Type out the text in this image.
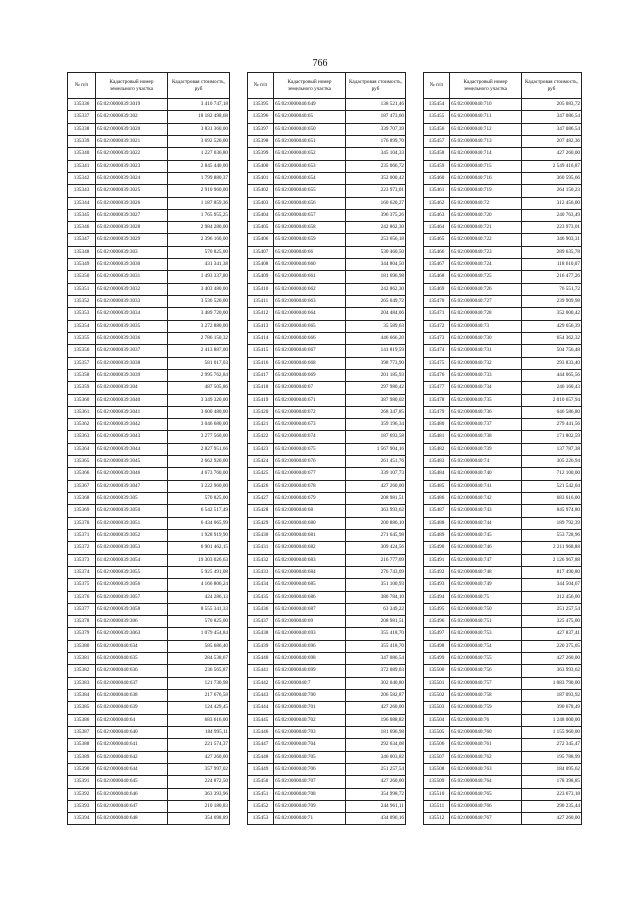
766
№ п/п	Кадастровый номер земельного участка	Кадастровая стоимость, руб
135336	65:02:0000039:3019	3 410 747,18
135337	65:02:0000039:302	18 182 498,68
135338	65:02:0000039:3020	3 831 360,00
135339	65:02:0000039:3021	3 692 520,00
135340	65:02:0000039:3022	1 227 036,80
135341	65:02:0000039:3023	2 845 440,00
135342	65:02:0000039:3024	1 799 880,37
135343	65:02:0000039:3025	2 910 960,00
135344	65:02:0000039:3026	1 187 859,36
135345	65:02:0000039:3027	1 765 955,25
135346	65:02:0000039:3028	2 984 280,00
135347	65:02:0000039:3029	2 396 160,00
135348	65:02:0000039:303	570 825,00
135349	65:02:0000039:3030	431 341,38
135350	65:02:0000039:3031	1 493 337,80
135351	65:02:0000039:3032	3 403 480,00
135352	65:02:0000039:3033	3 536 520,00
135353	65:02:0000039:3034	3 489 720,00
135354	65:02:0000039:3035	3 272 880,00
135355	65:02:0000039:3036	2 786 150,32
135356	65:02:0000039:3037	2 413 887,00
135357	65:02:0000039:3038	581 017,03
135358	65:02:0000039:3039	2 995 762,84
135359	65:02:0000039:304	487 505,86
135360	65:02:0000039:3040	3 349 320,00
135361	65:02:0000039:3041	3 600 480,00
135362	65:02:0000039:3042	3 046 680,00
135363	65:02:0000039:3043	3 277 560,00
135364	65:02:0000039:3044	2 827 951,66
135365	65:02:0000039:3045	2 662 920,00
135366	65:02:0000039:3046	4 673 760,00
135367	65:02:0000039:3047	3 222 960,00
135368	65:02:0000039:305	570 825,00
135369	65:02:0000039:3050	6 542 517,49
135370	65:02:0000039:3051	6 434 065,99
135371	65:02:0000039:3052	1 928 919,90
135372	65:02:0000039:3053	6 901 462,15
135373	61:02:0000039:3054	19 303 026,63
135374	65:02:0000039:3055	5 925 491,08
135375	65:02:0000039:3056	4 166 806,24
135376	65:02:0000039:3057	424 286,13
135377	65:02:0000039:3058	8 555 341,33
135378	65:02:0000039:306	570 825,00
135379	65:02:0000039:3063	1 079 454,84
135380	65:02:0000040:634	585 686,40
135381	65:02:0000040:635	284 538,67
135382	65:02:0000040:636	236 565,87
135383	65:02:0000040:637	121 730,98
135384	65:02:0000040:638	217 676,58
135385	65:02:0000040:639	124 429,45
135386	65:02:0000040:64	683 616,00
135387	65:02:0000040:640	184 995,11
135388	65:02:0000040:641	221 574,37
135389	65:02:0000040:642	427 260,00
135390	65:02:0000040:644	357 997,02
135391	65:02:0000040:645	224 872,50
135392	65:02:0000040:646	363 393,96
135393	65:02:0000040:647	210 180,83
135394	65:02:0000040:648	354 698,89
№ п/п	Кадастровый номер земельного участка	Кадастровая стоимость, руб
135395	65:02:0000040:649	138 521,46
135396	65:02:0000040:65	187 473,60
135397	65:02:0000040:650	339 707,39
135398	65:02:0000040:651	176 899,70
135399	65:02:0000040:652	345 104,33
135400	65:02:0000040:653	235 066,72
135401	65:02:0000040:654	352 000,42
135402	65:02:0000040:655	223 973,01
135403	65:02:0000040:656	160 620,27
135404	65:02:0000040:657	396 375,26
135405	65:02:0000040:658	242 862,30
135406	65:02:0000040:659	253 656,18
135407	65:02:0000040:66	530 460,50
135408	65:02:0000040:660	344 804,50
135409	65:02:0000040:661	181 696,98
135410	65:02:0000040:662	242 862,30
135411	65:02:0000040:663	265 049,72
135412	65:02:0000040:664	204 484,06
135413	65:02:0000040:665	35 589,63
135414	65:02:0000040:666	446 666,20
135415	65:02:0000040:667	141 819,59
135416	65:02:0000040:668	398 773,90
135417	65:02:0000040:669	201 185,93
135418	65:02:0000040:67	297 980,42
135419	65:02:0000040:671	387 980,02
135420	65:02:0000040:672	268 347,85
135421	65:02:0000040:673	359 196,34
135422	65:02:0000040:674	187 693,58
135423	65:02:0000040:675	1 567 904,16
135424	65:02:0000040:676	261 451,76
135425	65:02:0000040:677	339 107,73
135426	65:02:0000040:678	427 260,00
135427	65:02:0000040:679	208 981,51
135428	65:02:0000040:68	363 993,62
135429	65:02:0000040:680	200 886,10
135430	65:02:0000040:681	271 645,98
135431	65:02:0000040:682	309 424,56
135432	65:02:0000040:683	216 777,09
135433	65:02:0000040:684	276 743,09
135434	65:02:0000040:685	351 100,93
135435	65:02:0000040:686	380 784,10
135436	65:02:0000040:687	63 349,22
135437	65:02:0000040:69	208 981,51
135438	65:02:0000040:693	355 418,70
135439	65:02:0000040:696	355 418,70
135440	65:02:0000040:698	347 086,54
135441	65:02:0000040:699	372 089,03
135442	65:02:0000040:7	302 040,80
135443	65:02:0000040:700	206 582,87
135444	65:02:0000040:701	427 260,00
135445	65:02:0000040:702	196 088,82
135446	65:02:0000040:703	181 696,98
135447	65:02:0000040:704	292 634,08
135448	65:02:0000040:705	346 003,82
135449	65:02:0000040:706	251 257,54
135450	65:02:0000040:707	427 260,00
135451	65:02:0000040:708	354 998,72
135452	65:02:0000040:709	244 961,11
135453	65:02:0000040:71	434 096,16
№ п/п	Кадастровый номер земельного участка	Кадастровая стоимость, руб
135454	65:02:0000040:710	205 083,72
135455	65:02:0000040:711	347 086,54
135456	65:02:0000040:712	347 086,54
135457	65:02:0000040:713	207 482,36
135458	65:02:0000040:714	427 260,00
135459	65:02:0000040:715	2 549 416,87
135460	65:02:0000040:716	360 595,66
135461	65:02:0000040:719	264 150,23
135462	65:02:0000040:72	312 456,00
135463	65:02:0000040:720	240 763,49
135464	65:02:0000040:721	223 973,01
135465	65:02:0000040:722	346 903,31
135466	65:02:0000040:723	289 635,78
135467	65:02:0000040:724	118 610,07
135468	65:02:0000040:725	216 477,26
135469	65:02:0000040:726	76 551,72
135470	65:02:0000040:727	239 909,98
135471	65:02:0000040:728	352 000,42
135472	65:02:0000040:73	429 656,39
135473	65:02:0000040:730	654 362,32
135474	65:02:0000040:731	504 756,48
135475	65:02:0000040:732	293 833,40
135476	65:02:0000040:733	444 065,56
135477	65:02:0000040:734	246 160,43
135478	65:02:0000040:735	2 010 657,94
135479	65:02:0000040:736	646 586,80
135480	65:02:0000040:737	279 441,56
135481	65:02:0000040:738	171 802,59
135482	65:02:0000040:739	137 787,38
135483	65:02:0000040:74	305 226,94
135484	65:02:0000040:740	712 100,00
135485	65:02:0000040:741	521 542,04
135486	65:02:0000040:742	683 616,00
135487	65:02:0000040:743	845 974,80
135488	65:02:0000040:744	189 792,39
135489	65:02:0000040:745	553 728,96
135490	65:02:0000040:746	2 211 968,88
135491	65:02:0000040:747	2 126 967,88
135492	65:02:0000040:748	817 490,80
135493	65:02:0000040:749	344 504,67
135494	65:02:0000040:75	312 456,00
135495	65:02:0000040:750	251 257,54
135496	65:02:0000040:751	325 475,00
135497	65:02:0000040:753	427 837,41
135498	65:02:0000040:754	220 375,05
135499	65:02:0000040:755	427 260,00
135500	65:02:0000040:756	363 993,62
135501	65:02:0000040:757	1 083 790,00
135502	65:02:0000040:758	187 093,92
135503	65:02:0000040:759	390 678,49
135504	65:02:0000040:76	1 248 000,00
135505	65:02:0000040:760	1 155 960,00
135506	65:02:0000040:761	272 345,47
135507	65:02:0000040:762	195 788,99
135508	65:02:0000040:763	184 095,62
135509	65:02:0000040:764	178 398,85
135510	65:02:0000040:765	223 673,18
135511	65:02:0000040:766	290 235,44
135512	65:02:0000040:767	427 260,00
